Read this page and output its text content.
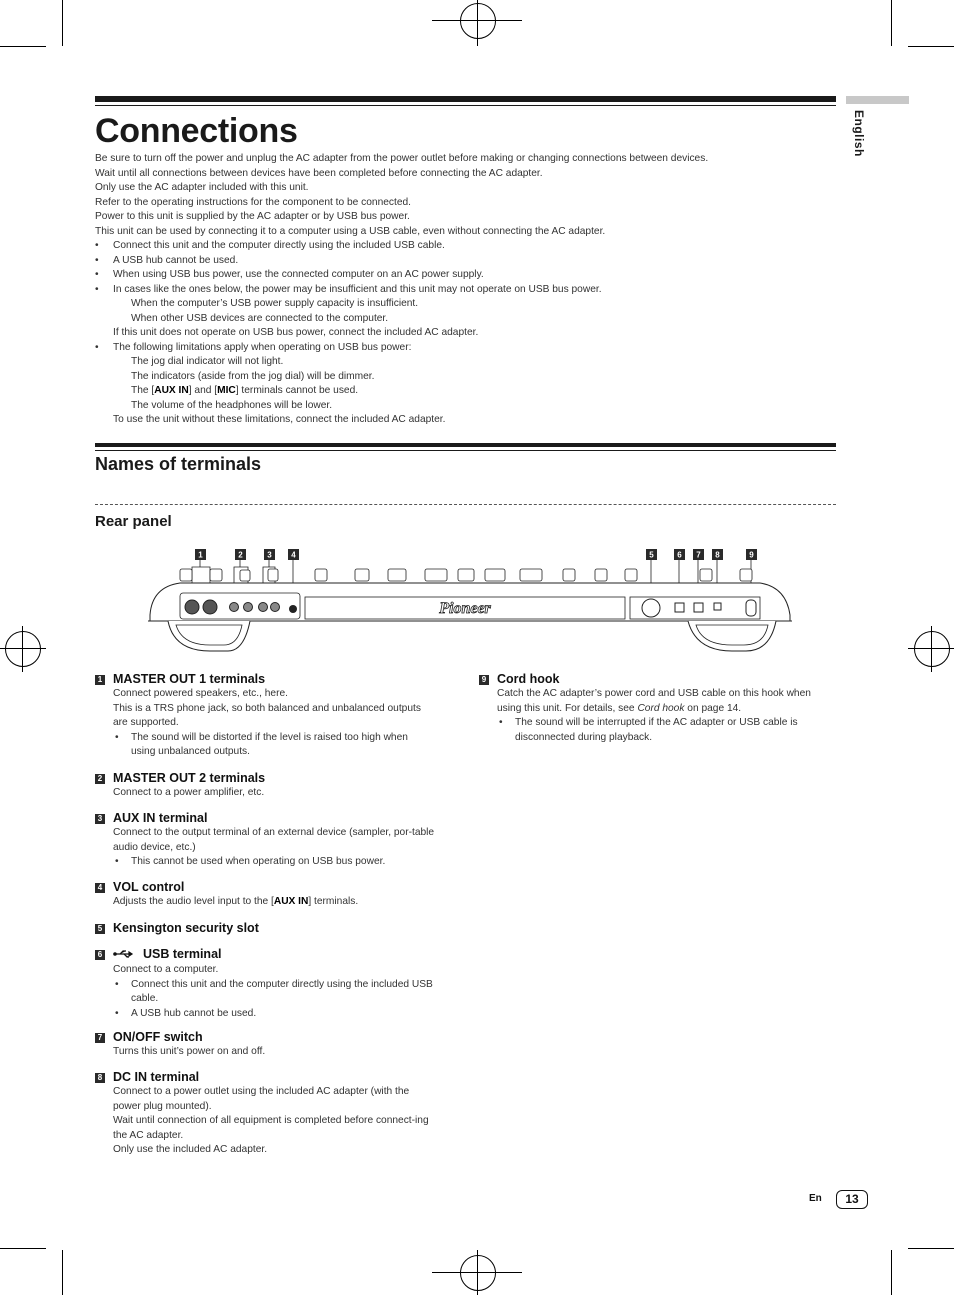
Connections	English

Be sure to turn off the power and unplug the AC adapter from the power outlet before making or changing connections between devices.

Wait until all connections between devices have been completed before connecting the AC adapter.

Only use the AC adapter included with this unit.

Refer to the operating instructions for the component to be connected.

Power to this unit is supplied by the AC adapter or by USB bus power.

This unit can be used by connecting it to a computer using a USB cable, even without connecting the AC adapter.

• Connect this unit and the computer directly using the included USB cable.

• A USB hub cannot be used.

• When using USB bus power, use the connected computer on an AC power supply.

• In cases like the ones below, the power may be insufficient and this unit may not operate on USB bus power.

When the computer’s USB power supply capacity is insufficient.

When other USB devices are connected to the computer.

If this unit does not operate on USB bus power, connect the included AC adapter.

• The following limitations apply when operating on USB bus power:

The jog dial indicator will not light.

The indicators (aside from the jog dial) will be dimmer.

The [AUX IN] and [MIC] terminals cannot be used.

The volume of the headphones will be lower.

To use the unit without these limitations, connect the included AC adapter.

Names of terminals
Rear panel
1	2	3 4	5	6 7 8	9
Pioneer
1 MASTER OUT 1 terminals

Connect powered speakers, etc., here.

This is a TRS phone jack, so both balanced and unbalanced outputs are supported.

• The sound will be distorted if the level is raised too high when using unbalanced outputs.

2 MASTER OUT 2 terminals

Connect to a power amplifier, etc.

3 AUX IN terminal

Connect to the output terminal of an external device (sampler, por-table audio device, etc.)

• This cannot be used when operating on USB bus power.

4 VOL control

Adjusts the audio level input to the [AUX IN] terminals.

5 Kensington security slot
6	USB terminal

Connect to a computer.

• Connect this unit and the computer directly using the included USB cable.

• A USB hub cannot be used.

7 ON/OFF switch

Turns this unit’s power on and off.

8 DC IN terminal

Connect to a power outlet using the included AC adapter (with the power plug mounted).

Wait until connection of all equipment is completed before connect-ing the AC adapter.

Only use the included AC adapter.

9 Cord hook

Catch the AC adapter’s power cord and USB cable on this hook when using this unit. For details, see Cord hook on page 14.

• The sound will be interrupted if the AC adapter or USB cable is disconnected during playback.

En	13
